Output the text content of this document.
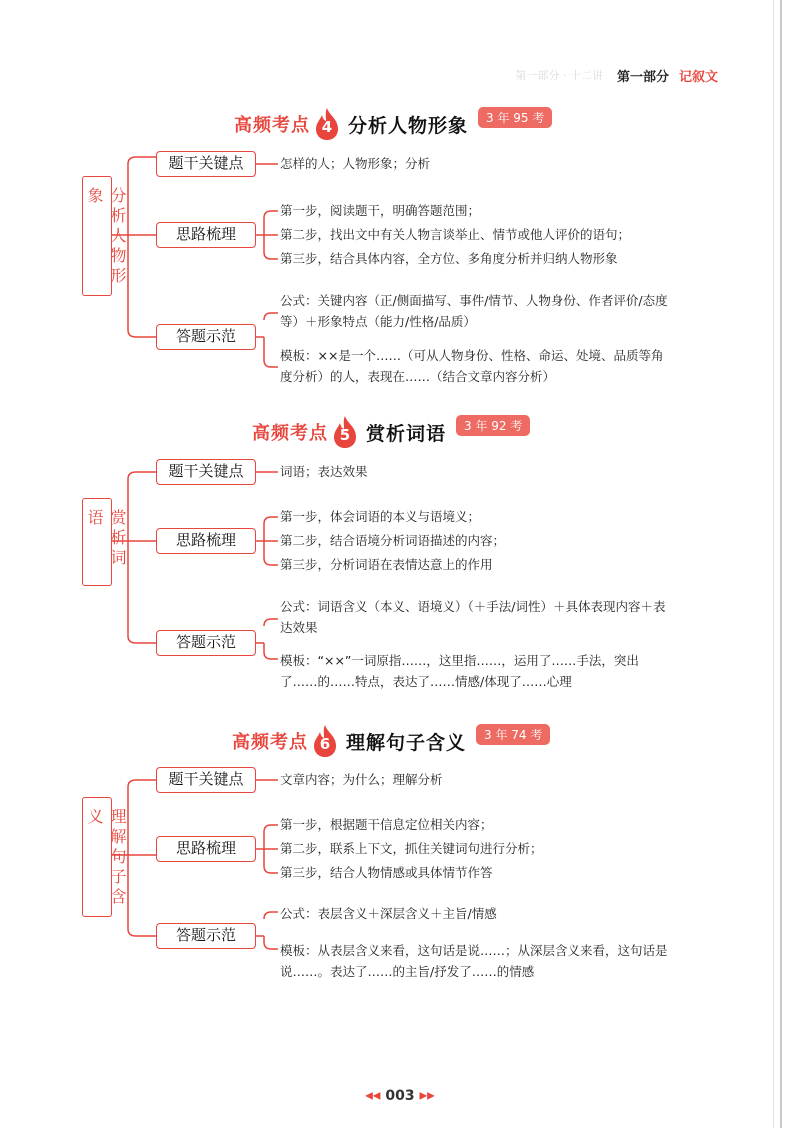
第一部分 · 十二讲 第一部分 记叙文
高频考点 4 分析人物形象	3 年 95 考
分析人物形象
题干关键点
思路梳理
答题示范
怎样的人；人物形象；分析
第一步，阅读题干，明确答题范围；
第二步，找出文中有关人物言谈举止、情节或他人评价的语句；
第三步，结合具体内容，全方位、多角度分析并归纳人物形象
公式：关键内容（正/侧面描写、事件/情节、人物身份、作者评价/态度等）＋形象特点（能力/性格/品质）
模板：××是一个……（可从人物身份、性格、命运、处境、品质等角度分析）的人，表现在……（结合文章内容分析）
高频考点 5 赏析词语	3 年 92 考
赏析词语
题干关键点
思路梳理
答题示范
词语；表达效果
第一步，体会词语的本义与语境义；
第二步，结合语境分析词语描述的内容；
第三步，分析词语在表情达意上的作用
公式：词语含义（本义、语境义）（＋手法/词性）＋具体表现内容＋表达效果
模板：“××”一词原指……，这里指……，运用了……手法，突出了……的……特点，表达了……情感/体现了……心理
高频考点 6 理解句子含义	3 年 74 考
理解句子含义
题干关键点
思路梳理
答题示范
文章内容；为什么；理解分析
第一步，根据题干信息定位相关内容；
第二步，联系上下文，抓住关键词句进行分析；
第三步，结合人物情感或具体情节作答
公式：表层含义＋深层含义＋主旨/情感
模板：从表层含义来看，这句话是说……；从深层含义来看，这句话是说……。表达了……的主旨/抒发了……的情感
◀◀ 003 ▶▶
